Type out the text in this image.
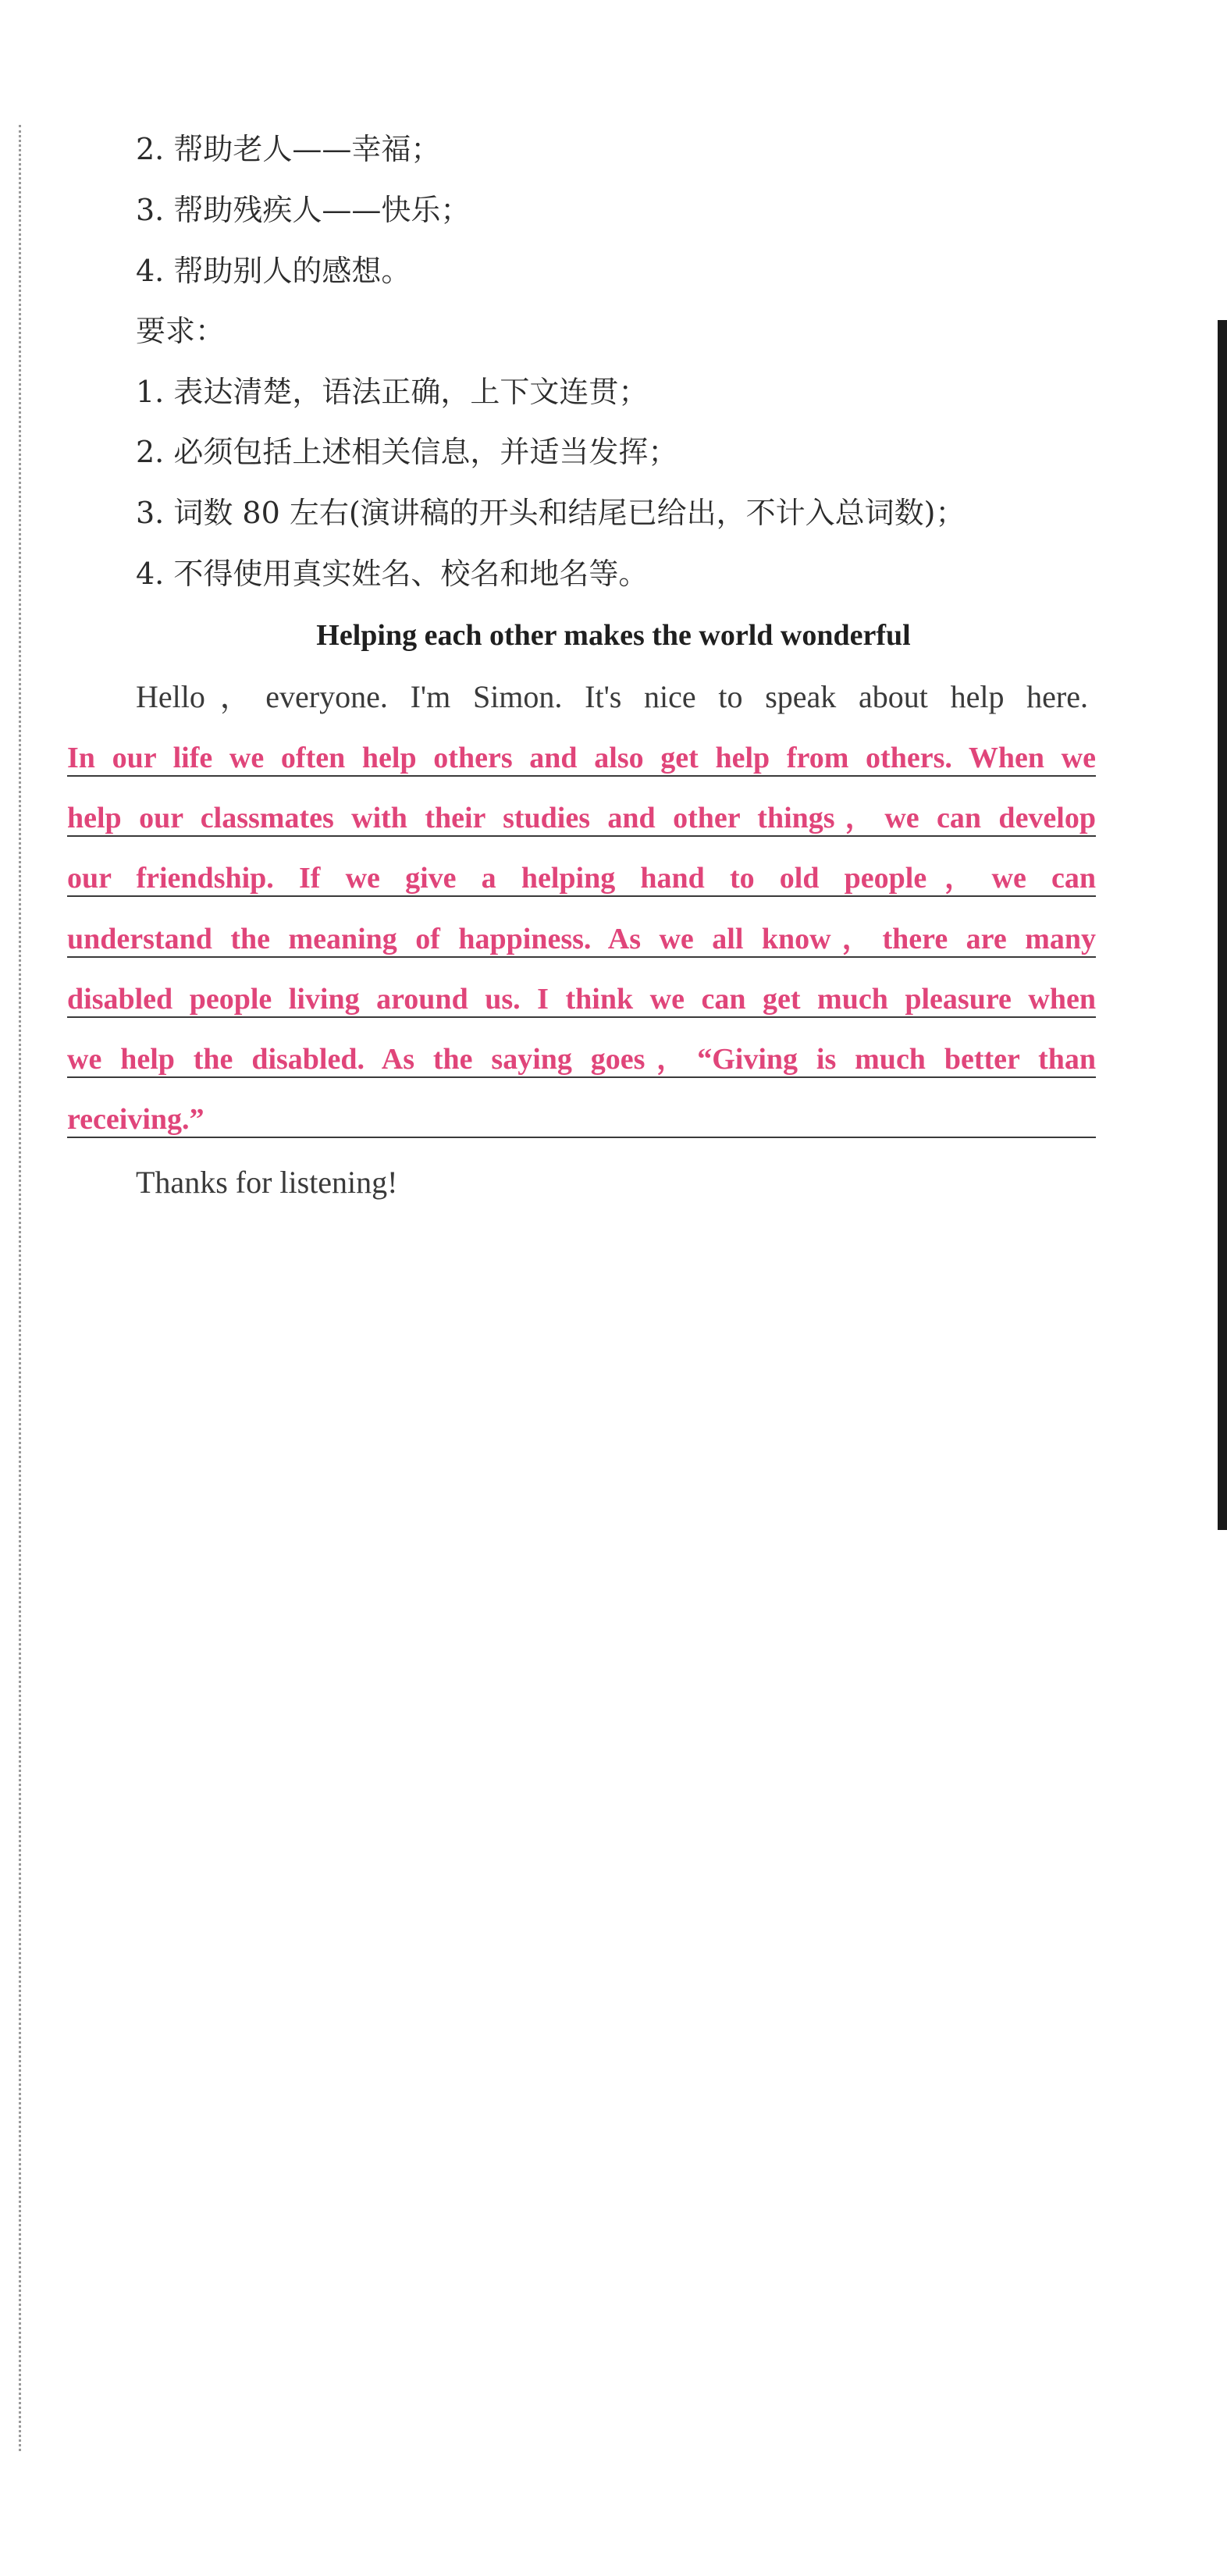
2. 帮助老人——幸福；
3. 帮助残疾人——快乐；
4. 帮助别人的感想。
要求：
1. 表达清楚，语法正确，上下文连贯；
2. 必须包括上述相关信息，并适当发挥；
3. 词数 80 左右(演讲稿的开头和结尾已给出，不计入总词数)；
4. 不得使用真实姓名、校名和地名等。
Helping each other makes the world wonderful
Hello，everyone. I'm Simon. It's nice to speak about help here.
In our life we often help others and also get help from others. When we
help our classmates with their studies and other things，we can develop
our friendship. If we give a helping hand to old people，we can
understand the meaning of happiness. As we all know，there are many
disabled people living around us. I think we can get much pleasure when
we help the disabled. As the saying goes，“Giving is much better than
receiving.”
Thanks for listening!
